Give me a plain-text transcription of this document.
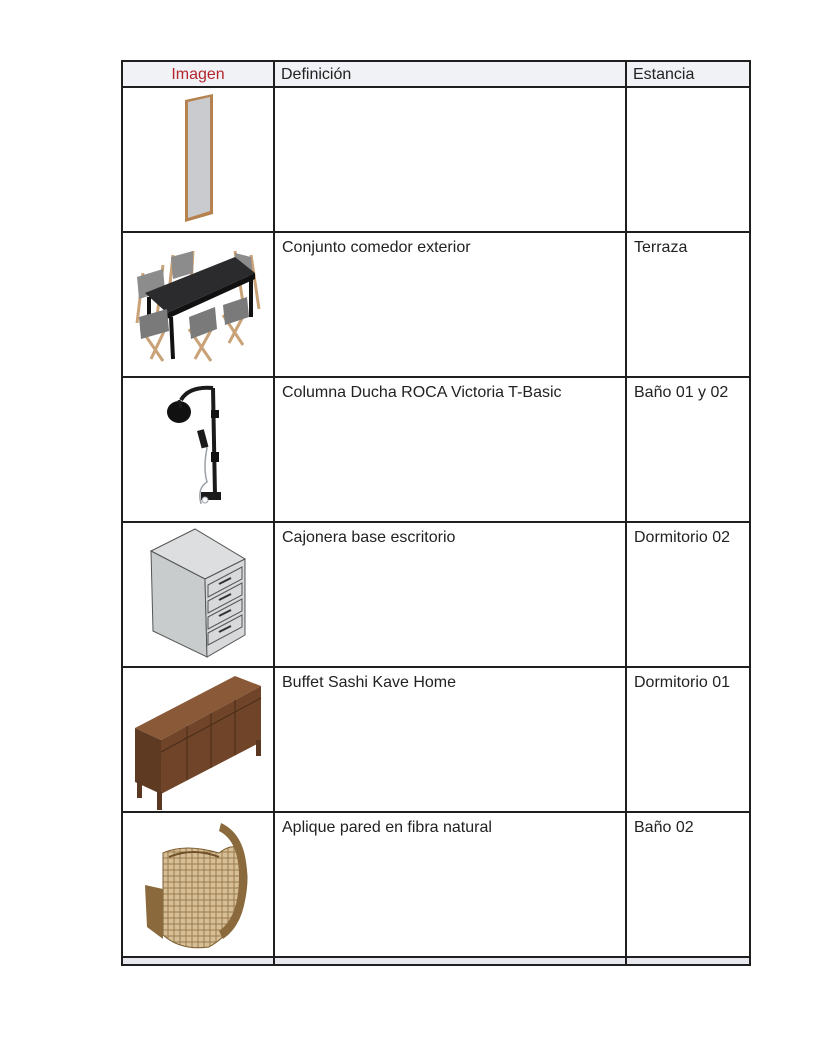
Imagen	Definición	Estancia

	Conjunto comedor exterior	Terraza

	Columna Ducha ROCA Victoria T-Basic	Baño 01 y 02

	Cajonera base escritorio	Dormitorio 02

	Buffet Sashi Kave Home	Dormitorio 01

	Aplique pared en fibra natural	Baño 02
